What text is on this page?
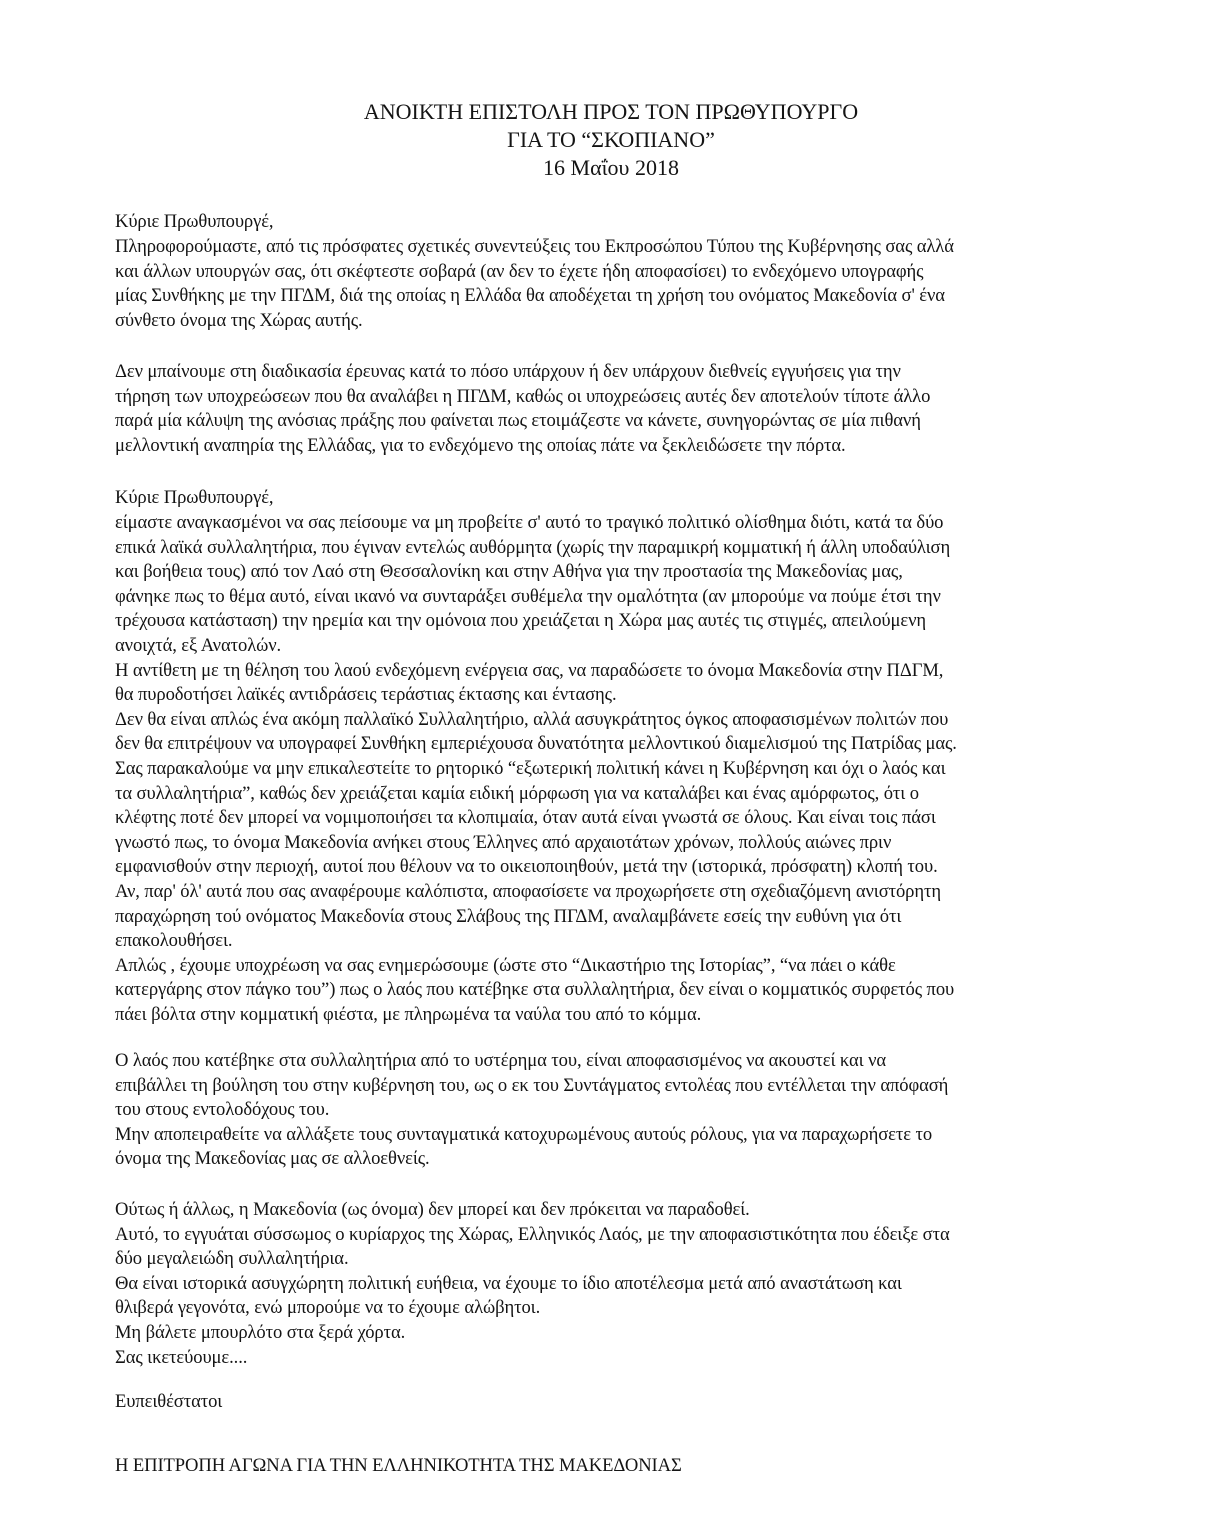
ΑΝΟΙΚΤΗ ΕΠΙΣΤΟΛΗ ΠΡΟΣ ΤΟΝ ΠΡΩΘΥΠΟΥΡΓΟ
ΓΙΑ ΤΟ “ΣΚΟΠΙΑΝΟ”
16 Μαΐου 2018
Κύριε Πρωθυπουργέ,
Πληροφορούμαστε, από τις πρόσφατες σχετικές συνεντεύξεις του Εκπροσώπου Τύπου της Κυβέρνησης σας αλλά
και άλλων υπουργών σας, ότι σκέφτεστε σοβαρά (αν δεν το έχετε ήδη αποφασίσει) το ενδεχόμενο υπογραφής
μίας Συνθήκης με την ΠΓΔΜ, διά της οποίας η Ελλάδα θα αποδέχεται τη χρήση του ονόματος Μακεδονία σ' ένα
σύνθετο όνομα της Χώρας αυτής.
Δεν μπαίνουμε στη διαδικασία έρευνας κατά το πόσο υπάρχουν ή δεν υπάρχουν διεθνείς εγγυήσεις για την
τήρηση των υποχρεώσεων που θα αναλάβει η ΠΓΔΜ, καθώς οι υποχρεώσεις αυτές δεν αποτελούν τίποτε άλλο
παρά μία κάλυψη της ανόσιας πράξης που φαίνεται πως ετοιμάζεστε να κάνετε, συνηγορώντας σε μία πιθανή
μελλοντική αναπηρία της Ελλάδας, για το ενδεχόμενο της οποίας πάτε να ξεκλειδώσετε την πόρτα.
Κύριε Πρωθυπουργέ,
είμαστε αναγκασμένοι να σας πείσουμε να μη προβείτε σ' αυτό το τραγικό πολιτικό ολίσθημα διότι, κατά τα δύο
επικά λαϊκά συλλαλητήρια, που έγιναν εντελώς αυθόρμητα (χωρίς την παραμικρή κομματική ή άλλη υποδαύλιση
και βοήθεια τους) από τον Λαό στη Θεσσαλονίκη και στην Αθήνα για την προστασία της Μακεδονίας μας,
φάνηκε πως το θέμα αυτό, είναι ικανό να συνταράξει συθέμελα την ομαλότητα (αν μπορούμε να πούμε έτσι την
τρέχουσα κατάσταση) την ηρεμία και την ομόνοια που χρειάζεται η Χώρα μας αυτές τις στιγμές, απειλούμενη
ανοιχτά, εξ Ανατολών.
Η αντίθετη με τη θέληση του λαού ενδεχόμενη ενέργεια σας, να παραδώσετε το όνομα Μακεδονία στην ΠΔΓΜ,
θα πυροδοτήσει λαϊκές αντιδράσεις τεράστιας έκτασης και έντασης.
Δεν θα είναι απλώς ένα ακόμη παλλαϊκό Συλλαλητήριο, αλλά ασυγκράτητος όγκος αποφασισμένων πολιτών που
δεν θα επιτρέψουν να υπογραφεί Συνθήκη εμπεριέχουσα δυνατότητα μελλοντικού διαμελισμού της Πατρίδας μας.
Σας παρακαλούμε να μην επικαλεστείτε το ρητορικό “εξωτερική πολιτική κάνει η Κυβέρνηση και όχι ο λαός και
τα συλλαλητήρια”, καθώς δεν χρειάζεται καμία ειδική μόρφωση για να καταλάβει και ένας αμόρφωτος, ότι ο
κλέφτης ποτέ δεν μπορεί να νομιμοποιήσει τα κλοπιμαία, όταν αυτά είναι γνωστά σε όλους. Και είναι τοις πάσι
γνωστό πως, το όνομα Μακεδονία ανήκει στους Έλληνες από αρχαιοτάτων χρόνων, πολλούς αιώνες πριν
εμφανισθούν στην περιοχή, αυτοί που θέλουν να το οικειοποιηθούν, μετά την (ιστορικά, πρόσφατη) κλοπή του.
Αν, παρ' όλ' αυτά που σας αναφέρουμε καλόπιστα, αποφασίσετε να προχωρήσετε στη σχεδιαζόμενη ανιστόρητη
παραχώρηση τού ονόματος Μακεδονία στους Σλάβους της ΠΓΔΜ, αναλαμβάνετε εσείς την ευθύνη για ότι
επακολουθήσει.
Απλώς , έχουμε υποχρέωση να σας ενημερώσουμε (ώστε στο “Δικαστήριο της Ιστορίας”, “να πάει ο κάθε
κατεργάρης στον πάγκο του”) πως ο λαός που κατέβηκε στα συλλαλητήρια, δεν είναι ο κομματικός συρφετός που
πάει βόλτα στην κομματική φιέστα, με πληρωμένα τα ναύλα του από το κόμμα.
Ο λαός που κατέβηκε στα συλλαλητήρια από το υστέρημα του, είναι αποφασισμένος να ακουστεί και να
επιβάλλει τη βούληση του στην κυβέρνηση του, ως ο εκ του Συντάγματος εντολέας που εντέλλεται την απόφασή
του στους εντολοδόχους του.
Μην αποπειραθείτε να αλλάξετε τους συνταγματικά κατοχυρωμένους αυτούς ρόλους, για να παραχωρήσετε το
όνομα της Μακεδονίας μας σε αλλοεθνείς.
Ούτως ή άλλως, η Μακεδονία (ως όνομα) δεν μπορεί και δεν πρόκειται να παραδοθεί.
Αυτό, το εγγυάται σύσσωμος ο κυρίαρχος της Χώρας, Ελληνικός Λαός, με την αποφασιστικότητα που έδειξε στα
δύο μεγαλειώδη συλλαλητήρια.
Θα είναι ιστορικά ασυγχώρητη πολιτική ευήθεια, να έχουμε το ίδιο αποτέλεσμα μετά από αναστάτωση και
θλιβερά γεγονότα, ενώ μπορούμε να το έχουμε αλώβητοι.
Μη βάλετε μπουρλότο στα ξερά χόρτα.
Σας ικετεύουμε....
Ευπειθέστατοι
Η ΕΠΙΤΡΟΠΗ ΑΓΩΝΑ ΓΙΑ ΤΗΝ ΕΛΛΗΝΙΚΟΤΗΤΑ ΤΗΣ ΜΑΚΕΔΟΝΙΑΣ
